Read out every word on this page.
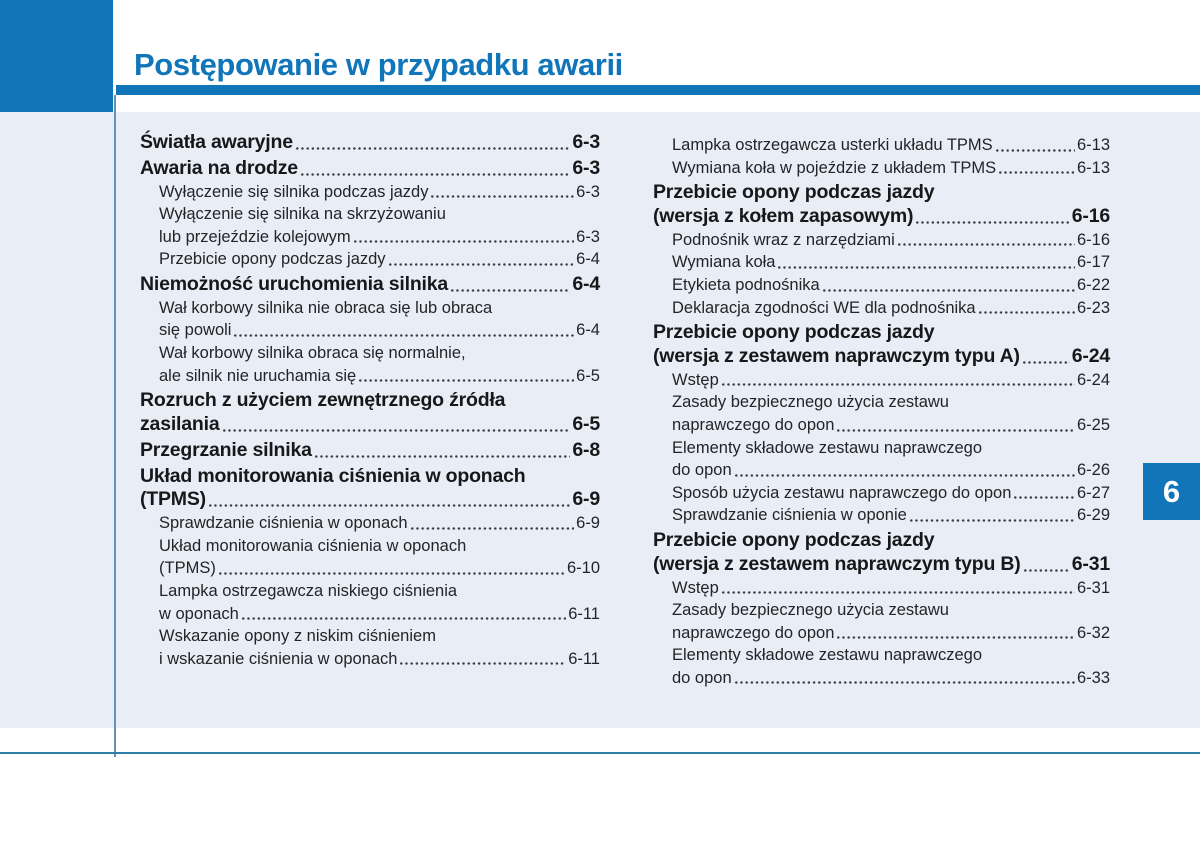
Postępowanie w przypadku awarii
6
Światła awaryjne	6-3
Awaria na drodze	6-3
Wyłączenie się silnika podczas jazdy	6-3
Wyłączenie się silnika na skrzyżowaniu
lub przejeździe kolejowym	6-3
Przebicie opony podczas jazdy	6-4
Niemożność uruchomienia silnika	6-4
Wał korbowy silnika nie obraca się lub obraca
się powoli	6-4
Wał korbowy silnika obraca się normalnie,
ale silnik nie uruchamia się	6-5
Rozruch z użyciem zewnętrznego źródła
zasilania	6-5
Przegrzanie silnika	6-8
Układ monitorowania ciśnienia w oponach
(TPMS)	6-9
Sprawdzanie ciśnienia w oponach	6-9
Układ monitorowania ciśnienia w oponach
(TPMS)	6-10
Lampka ostrzegawcza niskiego ciśnienia
w oponach	6-11
Wskazanie opony z niskim ciśnieniem
i wskazanie ciśnienia w oponach	6-11
Lampka ostrzegawcza usterki układu TPMS	6-13
Wymiana koła w pojeździe z układem TPMS	6-13
Przebicie opony podczas jazdy
(wersja z kołem zapasowym)	6-16
Podnośnik wraz z narzędziami	6-16
Wymiana koła	6-17
Etykieta podnośnika	6-22
Deklaracja zgodności WE dla podnośnika	6-23
Przebicie opony podczas jazdy
(wersja z zestawem naprawczym typu A)	6-24
Wstęp	6-24
Zasady bezpiecznego użycia zestawu
naprawczego do opon	6-25
Elementy składowe zestawu naprawczego
do opon	6-26
Sposób użycia zestawu naprawczego do opon	6-27
Sprawdzanie ciśnienia w oponie	6-29
Przebicie opony podczas jazdy
(wersja z zestawem naprawczym typu B)	6-31
Wstęp	6-31
Zasady bezpiecznego użycia zestawu
naprawczego do opon	6-32
Elementy składowe zestawu naprawczego
do opon	6-33
